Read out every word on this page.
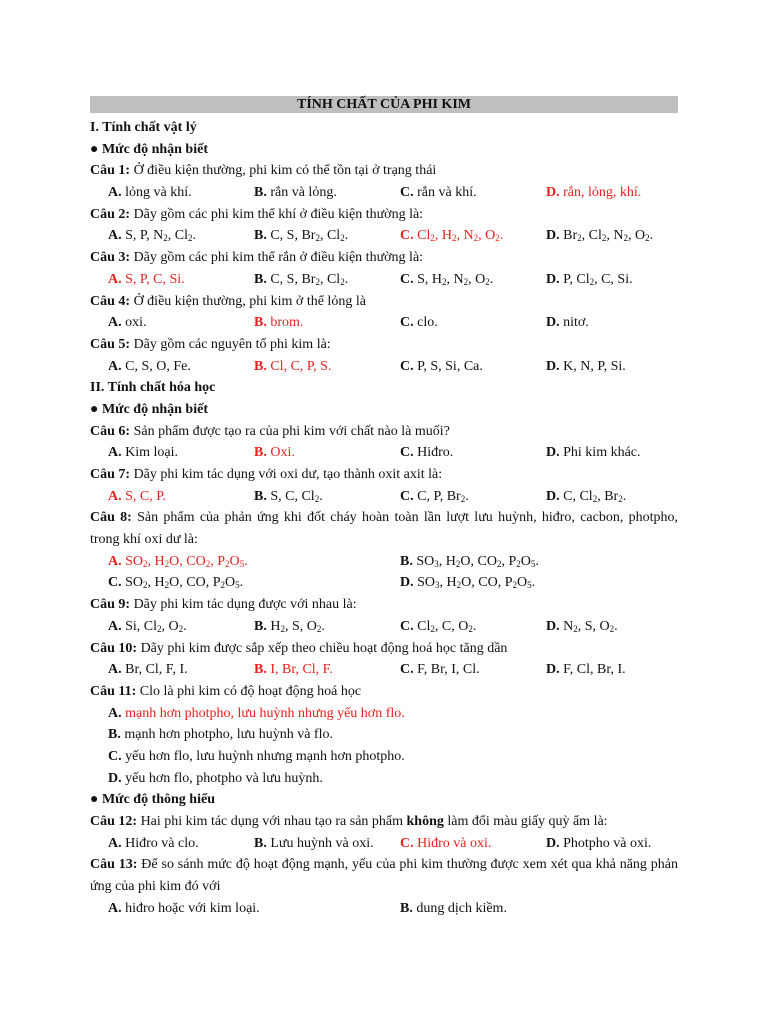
TÍNH CHẤT CỦA PHI KIM
I. Tính chất vật lý
● Mức độ nhận biết
Câu 1: Ở điều kiện thường, phi kim có thể tồn tại ở trạng thái
A. lỏng và khí.	B. rắn và lỏng.	C. rắn và khí.	D. rắn, lỏng, khí.
Câu 2: Dãy gồm các phi kim thể khí ở điều kiện thường là:
A. S, P, $N_2$, $Cl_2$.	B. C, S, $Br_2$, $Cl_2$.	C. $Cl_2$, $H_2$, $N_2$, $O_2$.	D. $Br_2$, $Cl_2$, $N_2$, $O_2$.
Câu 3: Dãy gồm các phi kim thể rắn ở điều kiện thường là:
A. S, P, C, Si.	B. C, S, $Br_2$, $Cl_2$.	C. S, $H_2$, $N_2$, $O_2$.	D. P, $Cl_2$, C, Si.
Câu 4: Ở điều kiện thường, phi kim ở thể lỏng là
A. oxi.	B. brom.	C. clo.	D. nitơ.
Câu 5: Dãy gồm các nguyên tố phi kim là:
A. C, S, O, Fe.	B. Cl, C, P, S.	C. P, S, Si, Ca.	D. K, N, P, Si.
II. Tính chất hóa học
● Mức độ nhận biết
Câu 6: Sản phẩm được tạo ra của phi kim với chất nào là muối?
A. Kim loại.	B. Oxi.	C. Hiđro.	D. Phi kim khác.
Câu 7: Dãy phi kim tác dụng với oxi dư, tạo thành oxit axit là:
A. S, C, P.	B. S, C, $Cl_2$.	C. C, P, $Br_2$.	D. C, $Cl_2$, $Br_2$.
Câu 8: Sản phẩm của phản ứng khi đốt cháy hoàn toàn lần lượt lưu huỳnh, hiđro, cacbon, photpho, trong khí oxi dư là:
A. $SO_2$, $H_2O$, $CO_2$, $P_2O_5$.	B. $SO_3$, $H_2O$, $CO_2$, $P_2O_5$.
C. $SO_2$, $H_2O$, CO, $P_2O_5$.	D. $SO_3$, $H_2O$, CO, $P_2O_5$.
Câu 9: Dãy phi kim tác dụng được với nhau là:
A. Si, $Cl_2$, $O_2$.	B. $H_2$, S, $O_2$.	C. $Cl_2$, C, $O_2$.	D. $N_2$, S, $O_2$.
Câu 10: Dãy phi kim được sắp xếp theo chiều hoạt động hoá học tăng dần
A. Br, Cl, F, I.	B. I, Br, Cl, F.	C. F, Br, I, Cl.	D. F, Cl, Br, I.
Câu 11: Clo là phi kim có độ hoạt động hoá học
A. mạnh hơn photpho, lưu huỳnh nhưng yếu hơn flo.
B. mạnh hơn photpho, lưu huỳnh và flo.
C. yếu hơn flo, lưu huỳnh nhưng mạnh hơn photpho.
D. yếu hơn flo, photpho và lưu huỳnh.
● Mức độ thông hiểu
Câu 12: Hai phi kim tác dụng với nhau tạo ra sản phẩm không làm đổi màu giấy quỳ ẩm là:
A. Hiđro và clo.	B. Lưu huỳnh và oxi. C. Hiđro và oxi.	D. Photpho và oxi.
Câu 13: Để so sánh mức độ hoạt động mạnh, yếu của phi kim thường được xem xét qua khả năng phản ứng của phi kim đó với
A. hiđro hoặc với kim loại.	B. dung dịch kiềm.
